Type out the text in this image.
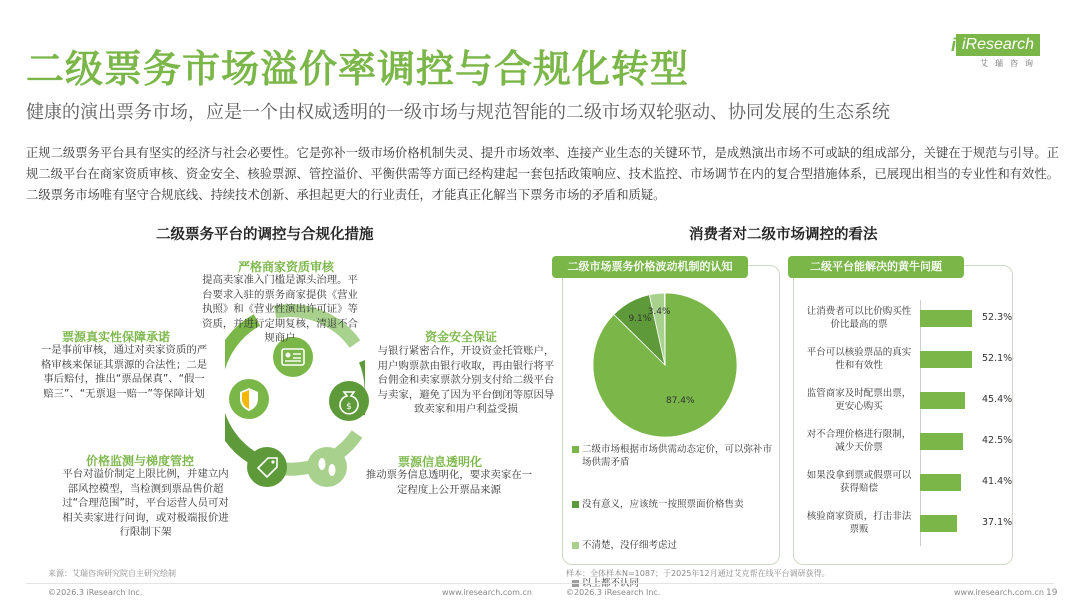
二级票务市场溢价率调控与合规化转型
健康的演出票务市场，应是一个由权威透明的一级市场与规范智能的二级市场双轮驱动、协同发展的生态系统
正规二级票务平台具有坚实的经济与社会必要性。它是弥补一级市场价格机制失灵、提升市场效率、连接产业生态的关键环节，是成熟演出市场不可或缺的组成部分，关键在于规范与引导。正规二级平台在商家资质审核、资金安全、核验票源、管控溢价、平衡供需等方面已经构建起一套包括政策响应、技术监控、市场调节在内的复合型措施体系，已展现出相当的专业性和有效性。二级票务市场唯有坚守合规底线、持续技术创新、承担起更大的行业责任，才能真正化解当下票务市场的矛盾和质疑。
i iResearch
艾瑞咨询
二级票务平台的调控与合规化措施
$
严格商家资质审核
提高卖家准入门槛是源头治理。平台要求入驻的票务商家提供《营业执照》和《营业性演出许可证》等资质，并进行定期复核，清退不合规商户	资金安全保证
与银行紧密合作，开设资金托管账户，用户购票款由银行收取，再由银行将平台佣金和卖家票款分别支付给二级平台与卖家，避免了因为平台倒闭等原因导致卖家和用户利益受损
票源信息透明化
推动票务信息透明化，要求卖家在一定程度上公开票品来源
价格监测与梯度管控
平台对溢价制定上限比例，并建立内部风控模型，当检测到票品售价超过“合理范围”时，平台运营人员可对相关卖家进行问询，或对极端报价进行限制下架
票源真实性保障承诺
一是事前审核，通过对卖家资质的严格审核来保证其票源的合法性；二是事后赔付，推出“票品保真”、“假一赔三”、“无票退一赔一”等保障计划
消费者对二级市场调控的看法
二级市场票务价格波动机制的认知
87.4%
9.1%
3.4%
二级市场根据市场供需动态定价，可以弥补市场供需矛盾
没有意义，应该统一按照票面价格售卖
不清楚，没仔细考虑过
二级平台能解决的黄牛问题
让消费者可以比价购买性价比最高的票
52.3%
平台可以核验票品的真实性和有效性
52.1%
监管商家及时配票出票，更安心购买
45.4%
对不合理价格进行限制，减少天价票
42.5%
如果没拿到票或假票可以获得赔偿
41.4%
核验商家资质，打击非法票贩
37.1%
来源：艾瑞咨询研究院自主研究绘制	样本：全体样本N=1087；于2025年12月通过艾克帮在线平台调研获得。
©2026.3 iResearch Inc.	www.iresearch.com.cn	©2026.3 iResearch Inc.	www.iresearch.com.cn 19
